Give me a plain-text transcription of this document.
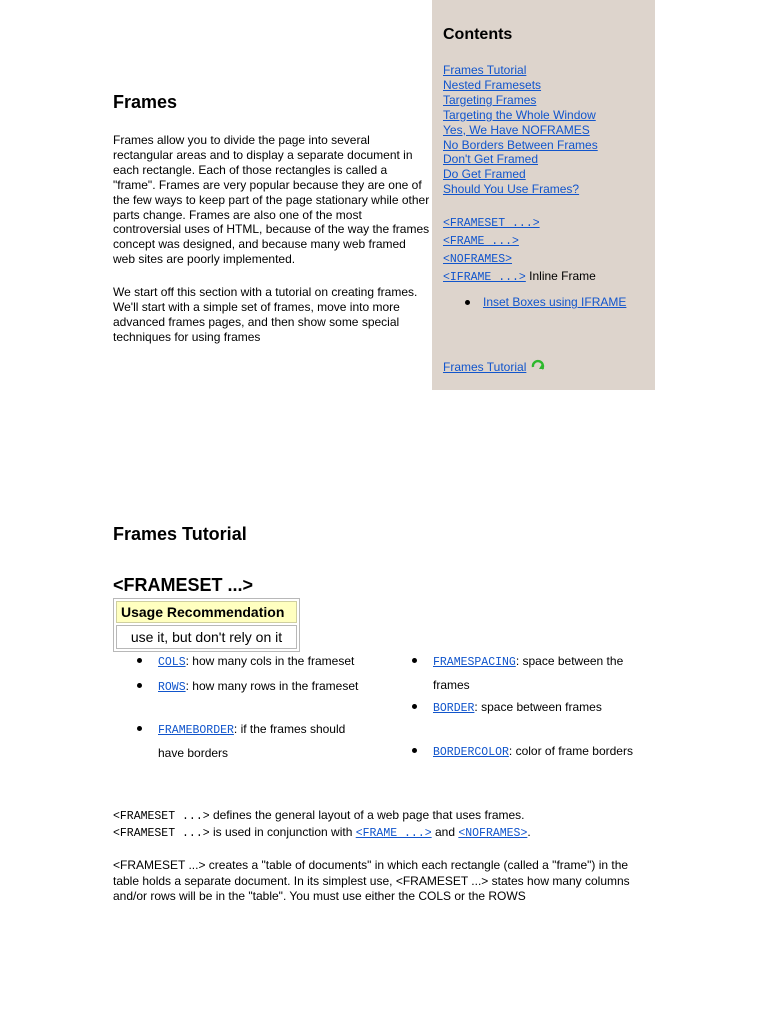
Frames

Frames allow you to divide the page into several rectangular areas and to display a separate document in each rectangle. Each of those rectangles is called a "frame". Frames are very popular because they are one of the few ways to keep part of the page stationary while other parts change. Frames are also one of the most controversial uses of HTML, because of the way the frames concept was designed, and because many web framed web sites are poorly implemented.

We start off this section with a tutorial on creating frames. We'll start with a simple set of frames, move into more advanced frames pages, and then show some special techniques for using frames

Contents
Frames Tutorial
Nested Framesets
Targeting Frames
Targeting the Whole Window
Yes, We Have NOFRAMES
No Borders Between Frames
Don't Get Framed
Do Get Framed
Should You Use Frames?
<FRAMESET ...>
<FRAME ...>
<NOFRAMES>
<IFRAME ...> Inline Frame
Inset Boxes using IFRAME
Frames Tutorial
Frames Tutorial
<FRAMESET ...>
Usage Recommendation
use it, but don't rely on it
COLS: how many cols in the frameset
ROWS: how many rows in the frameset
FRAMEBORDER: if the frames should have borders
FRAMESPACING: space between the frames
BORDER: space between frames
BORDERCOLOR: color of frame borders

<FRAMESET ...> defines the general layout of a web page that uses frames.
<FRAMESET ...> is used in conjunction with <FRAME ...> and <NOFRAMES>.

<FRAMESET ...> creates a "table of documents" in which each rectangle (called a "frame") in the table holds a separate document. In its simplest use, <FRAMESET ...> states how many columns and/or rows will be in the "table". You must use either the COLS or the ROWS
